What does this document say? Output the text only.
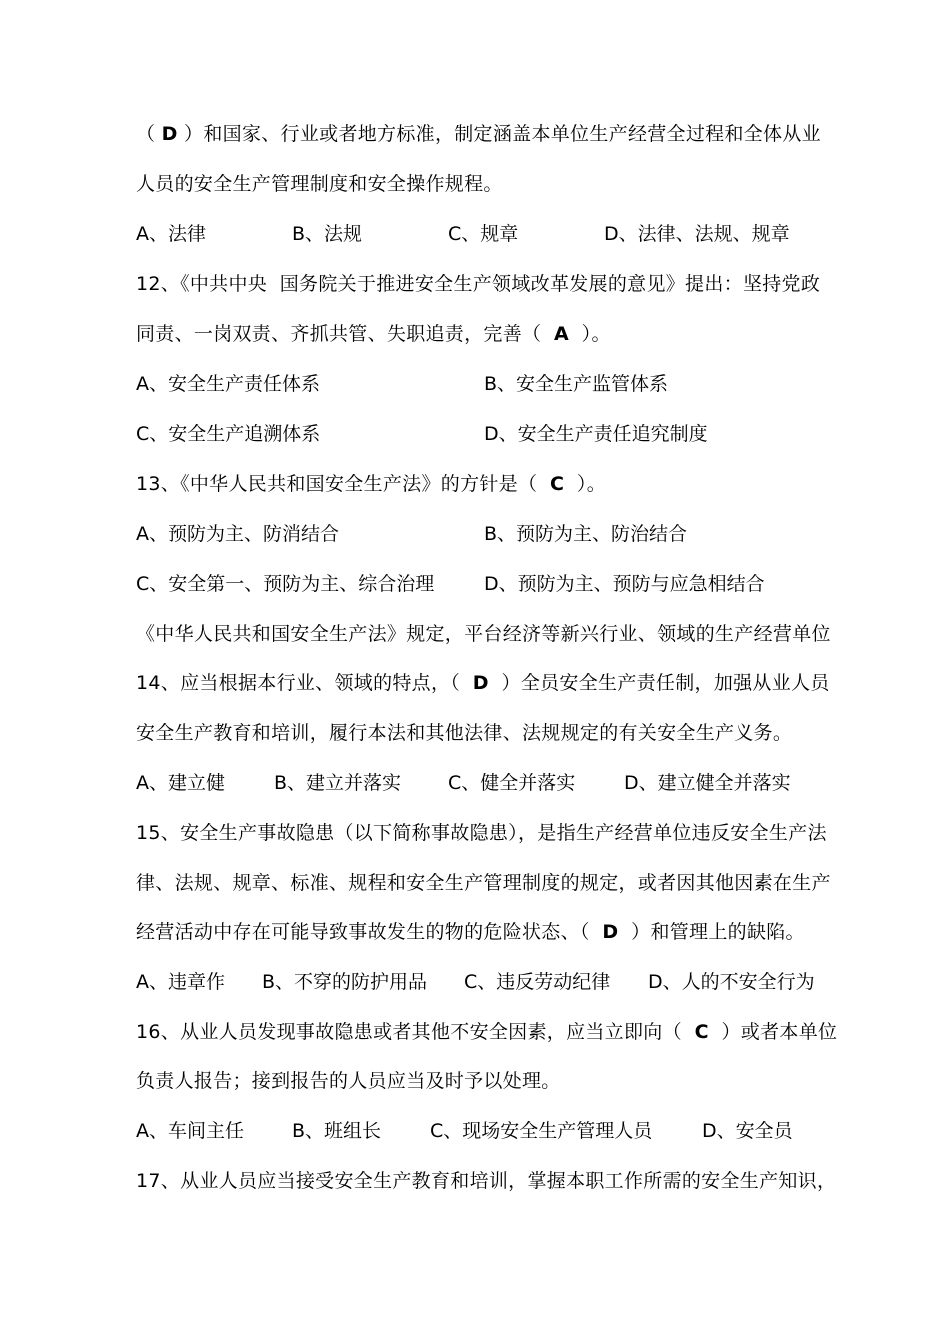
（ D ）和国家、行业或者地方标准，制定涵盖本单位生产经营全过程和全体从业
人员的安全生产管理制度和安全操作规程。
A、法律	B、法规	C、规章	D、法律、法规、规章
12、《中共中央  国务院关于推进安全生产领域改革发展的意见》提出：坚持党政
同责、一岗双责、齐抓共管、失职追责，完善（  A  ）。
A、安全生产责任体系	B、安全生产监管体系
C、安全生产追溯体系	D、安全生产责任追究制度
13、《中华人民共和国安全生产法》的方针是（  C  ）。
A、预防为主、防消结合	B、预防为主、防治结合
C、安全第一、预防为主、综合治理	D、预防为主、预防与应急相结合
《中华人民共和国安全生产法》规定，平台经济等新兴行业、领域的生产经营单位
14、应当根据本行业、领域的特点，（  D  ）全员安全生产责任制，加强从业人员
安全生产教育和培训，履行本法和其他法律、法规规定的有关安全生产义务。
A、建立健	B、建立并落实 C、健全并落实	D、建立健全并落实
15、安全生产事故隐患（以下简称事故隐患），是指生产经营单位违反安全生产法
律、法规、规章、标准、规程和安全生产管理制度的规定，或者因其他因素在生产
经营活动中存在可能导致事故发生的物的危险状态、（  D  ）和管理上的缺陷。
A、违章作 B、不穿的防护用品 C、违反劳动纪律 D、人的不安全行为
16、从业人员发现事故隐患或者其他不安全因素，应当立即向（  C  ）或者本单位
负责人报告；接到报告的人员应当及时予以处理。
A、车间主任	B、班组长	C、现场安全生产管理人员	D、安全员
17、从业人员应当接受安全生产教育和培训，掌握本职工作所需的安全生产知识，
